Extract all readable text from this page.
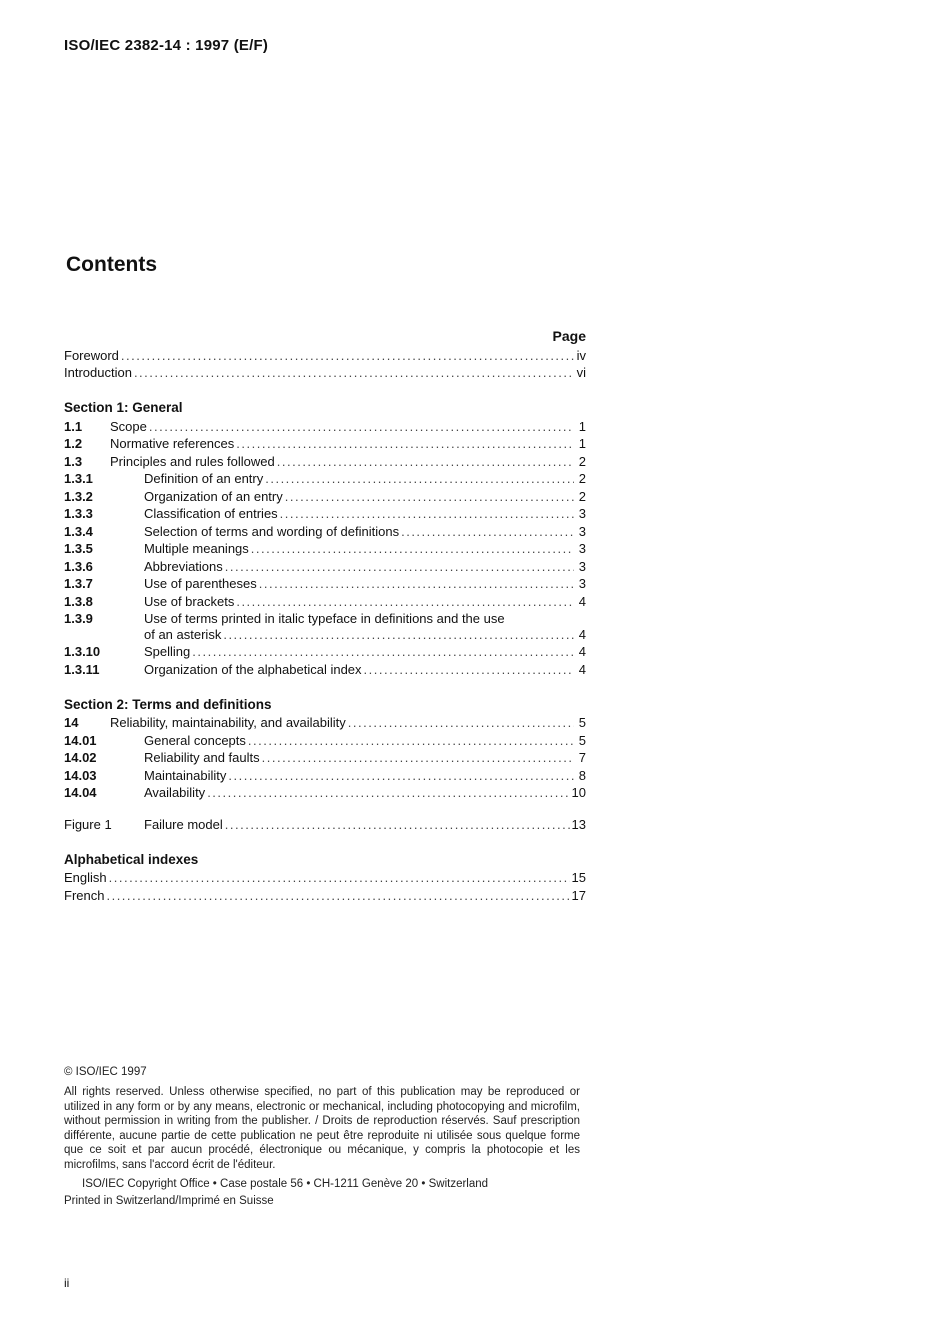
ISO/IEC 2382-14 : 1997 (E/F)
Contents
Page
Foreword .....	iv
Introduction .....	vi
Section 1: General
1.1	Scope .....	1
1.2	Normative references .....	1
1.3	Principles and rules followed .....	2
1.3.1	Definition of an entry .....	2
1.3.2	Organization of an entry .....	2
1.3.3	Classification of entries .....	3
1.3.4	Selection of terms and wording of definitions .....	3
1.3.5	Multiple meanings .....	3
1.3.6	Abbreviations .....	3
1.3.7	Use of parentheses .....	3
1.3.8	Use of brackets .....	4
1.3.9	Use of terms printed in italic typeface in definitions and the use
of an asterisk .....	4
1.3.10	Spelling .....	4
1.3.11	Organization of the alphabetical index .....	4
Section 2: Terms and definitions
14	Reliability, maintainability, and availability .....	5
14.01	General concepts .....	5
14.02	Reliability and faults .....	7
14.03	Maintainability .....	8
14.04	Availability .....	10
Figure 1	Failure model .....	13
Alphabetical indexes
English .....	15
French .....	17

© ISO/IEC 1997

All rights reserved. Unless otherwise specified, no part of this publication may be reproduced or utilized in any form or by any means, electronic or mechanical, including photocopying and microfilm, without permission in writing from the publisher. / Droits de reproduction réservés. Sauf prescription différente, aucune partie de cette publication ne peut être reproduite ni utilisée sous quelque forme que ce soit et par aucun procédé, électronique ou mécanique, y compris la photocopie et les microfilms, sans l'accord écrit de l'éditeur.

ISO/IEC Copyright Office • Case postale 56 • CH-1211 Genève 20 • Switzerland

Printed in Switzerland/Imprimé en Suisse

ii
